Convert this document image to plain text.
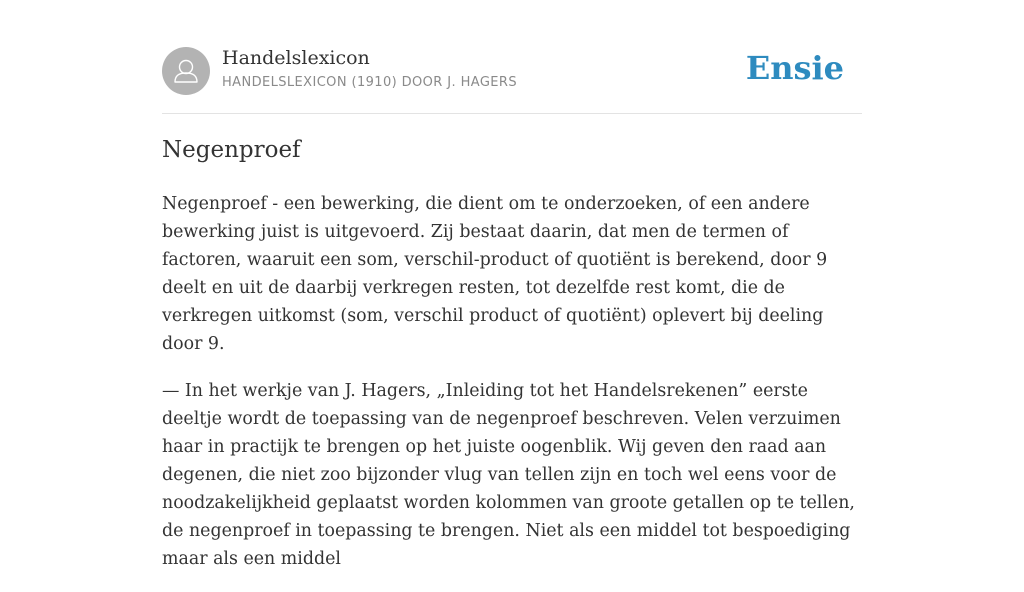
Handelslexicon
HANDELSLEXICON (1910) DOOR J. HAGERS	Ensie
Negenproef

Negenproef - een bewerking, die dient om te onderzoeken, of een andere bewerking juist is uitgevoerd. Zij bestaat daarin, dat men de termen of factoren, waaruit een som, verschil-product of quotiënt is berekend, door 9 deelt en uit de daarbij verkregen resten, tot dezelfde rest komt, die de verkregen uitkomst (som, verschil product of quotiënt) oplevert bij deeling door 9.

— In het werkje van J. Hagers, „Inleiding tot het Handelsrekenen” eerste deeltje wordt de toepassing van de negenproef beschreven. Velen verzuimen haar in practijk te brengen op het juiste oogenblik. Wij geven den raad aan degenen, die niet zoo bijzonder vlug van tellen zijn en toch wel eens voor de noodzakelijkheid geplaatst worden kolommen van groote getallen op te tellen, de negenproef in toepassing te brengen. Niet als een middel tot bespoediging maar als een middel
